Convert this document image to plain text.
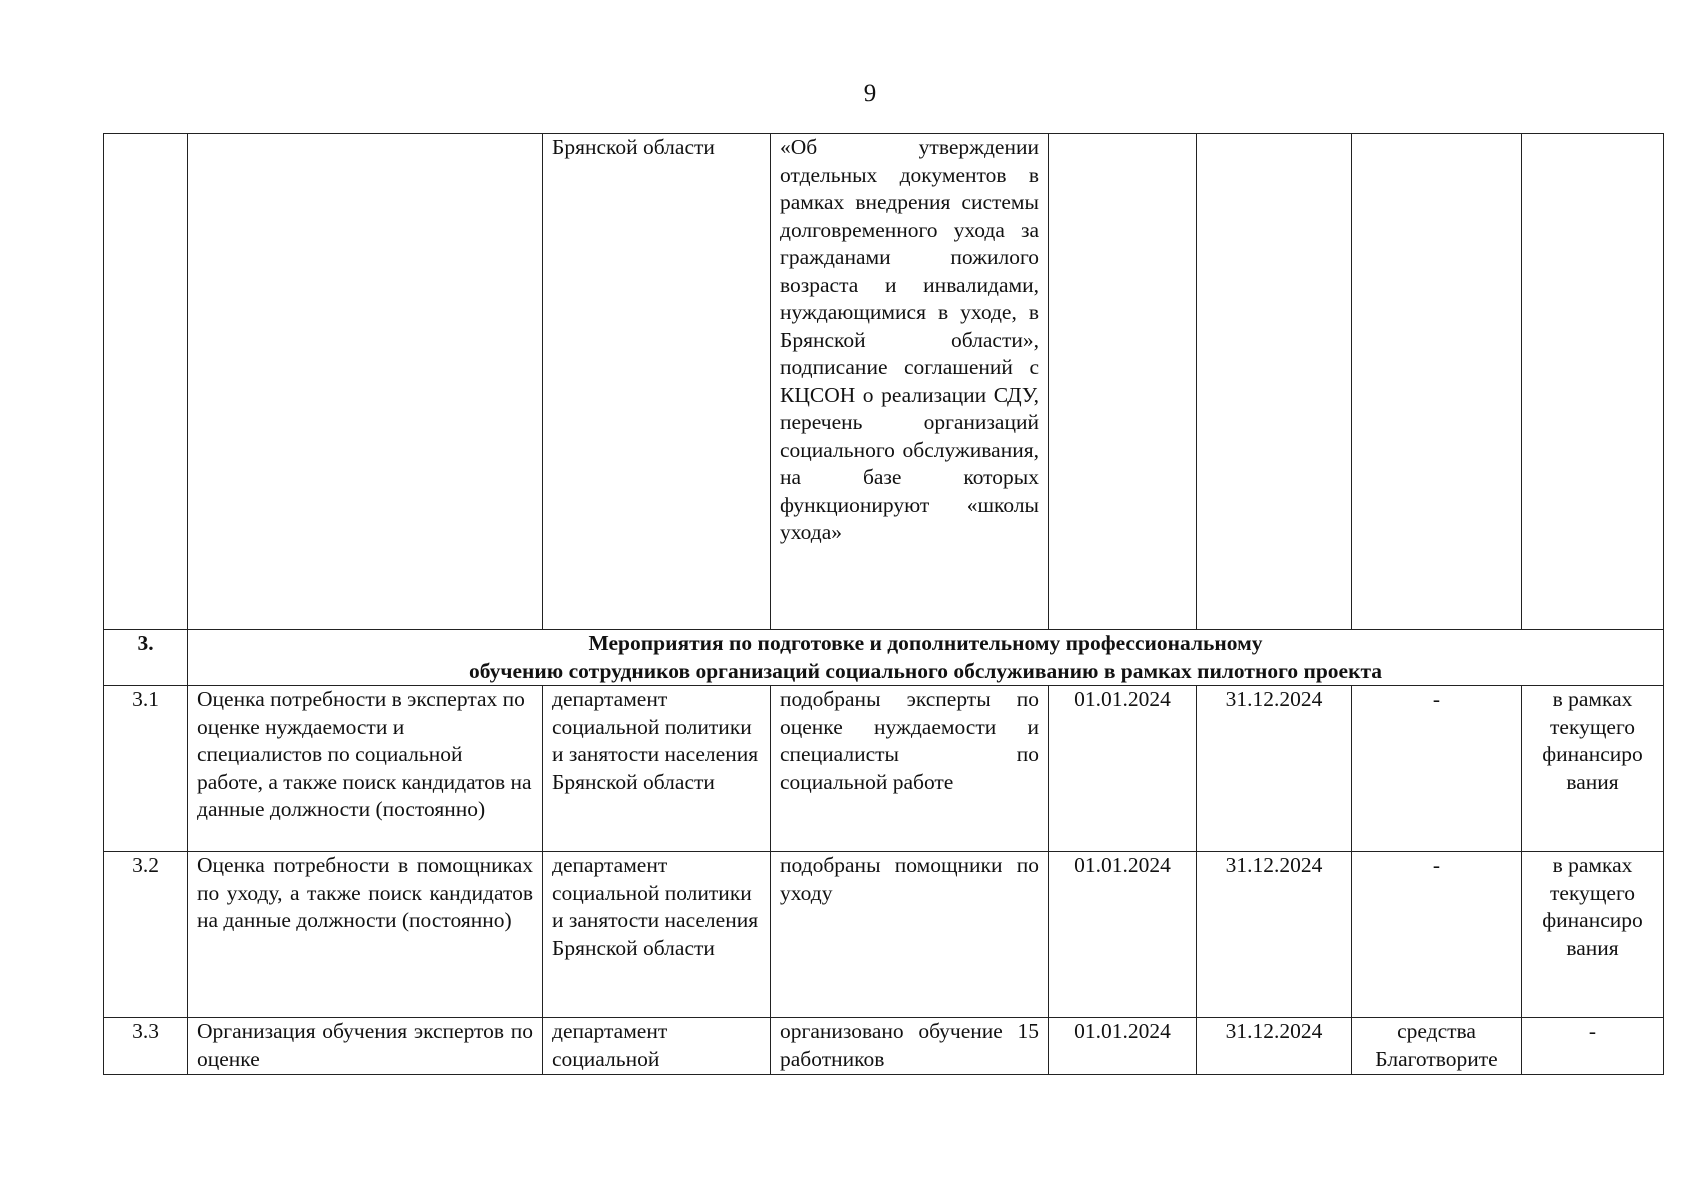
9
		Брянской области	«Об утверждении отдельных документов в рамках внедрения системы долговременного ухода за гражданами пожилого возраста и инвалидами, нуждающимися в уходе, в Брянской области», подписание соглашений с КЦСОН о реализации СДУ, перечень организаций социального обслуживания, на базе которых функционируют «школы ухода»				
3.	Мероприятия по подготовке и дополнительному профессиональному
обучению сотрудников организаций социального обслуживанию в рамках пилотного проекта						

3.1	Оценка потребности в экспертах по оценке нуждаемости и специалистов по социальной работе, а также поиск кандидатов на данные должности (постоянно)	департамент социальной политики и занятости населения Брянской области	подобраны эксперты по оценке нуждаемости и специалисты по социальной работе	01.01.2024	31.12.2024	-	в рамках текущего финансиро вания
3.2	Оценка потребности в помощниках по уходу, а также поиск кандидатов на данные должности (постоянно)	департамент социальной политики и занятости населения Брянской области	подобраны помощники по уходу	01.01.2024	31.12.2024	-	в рамках текущего финансиро вания
3.3	Организация обучения экспертов по оценке	департамент социальной	организовано обучение 15 работников	01.01.2024	31.12.2024	средства Благотворите	-
